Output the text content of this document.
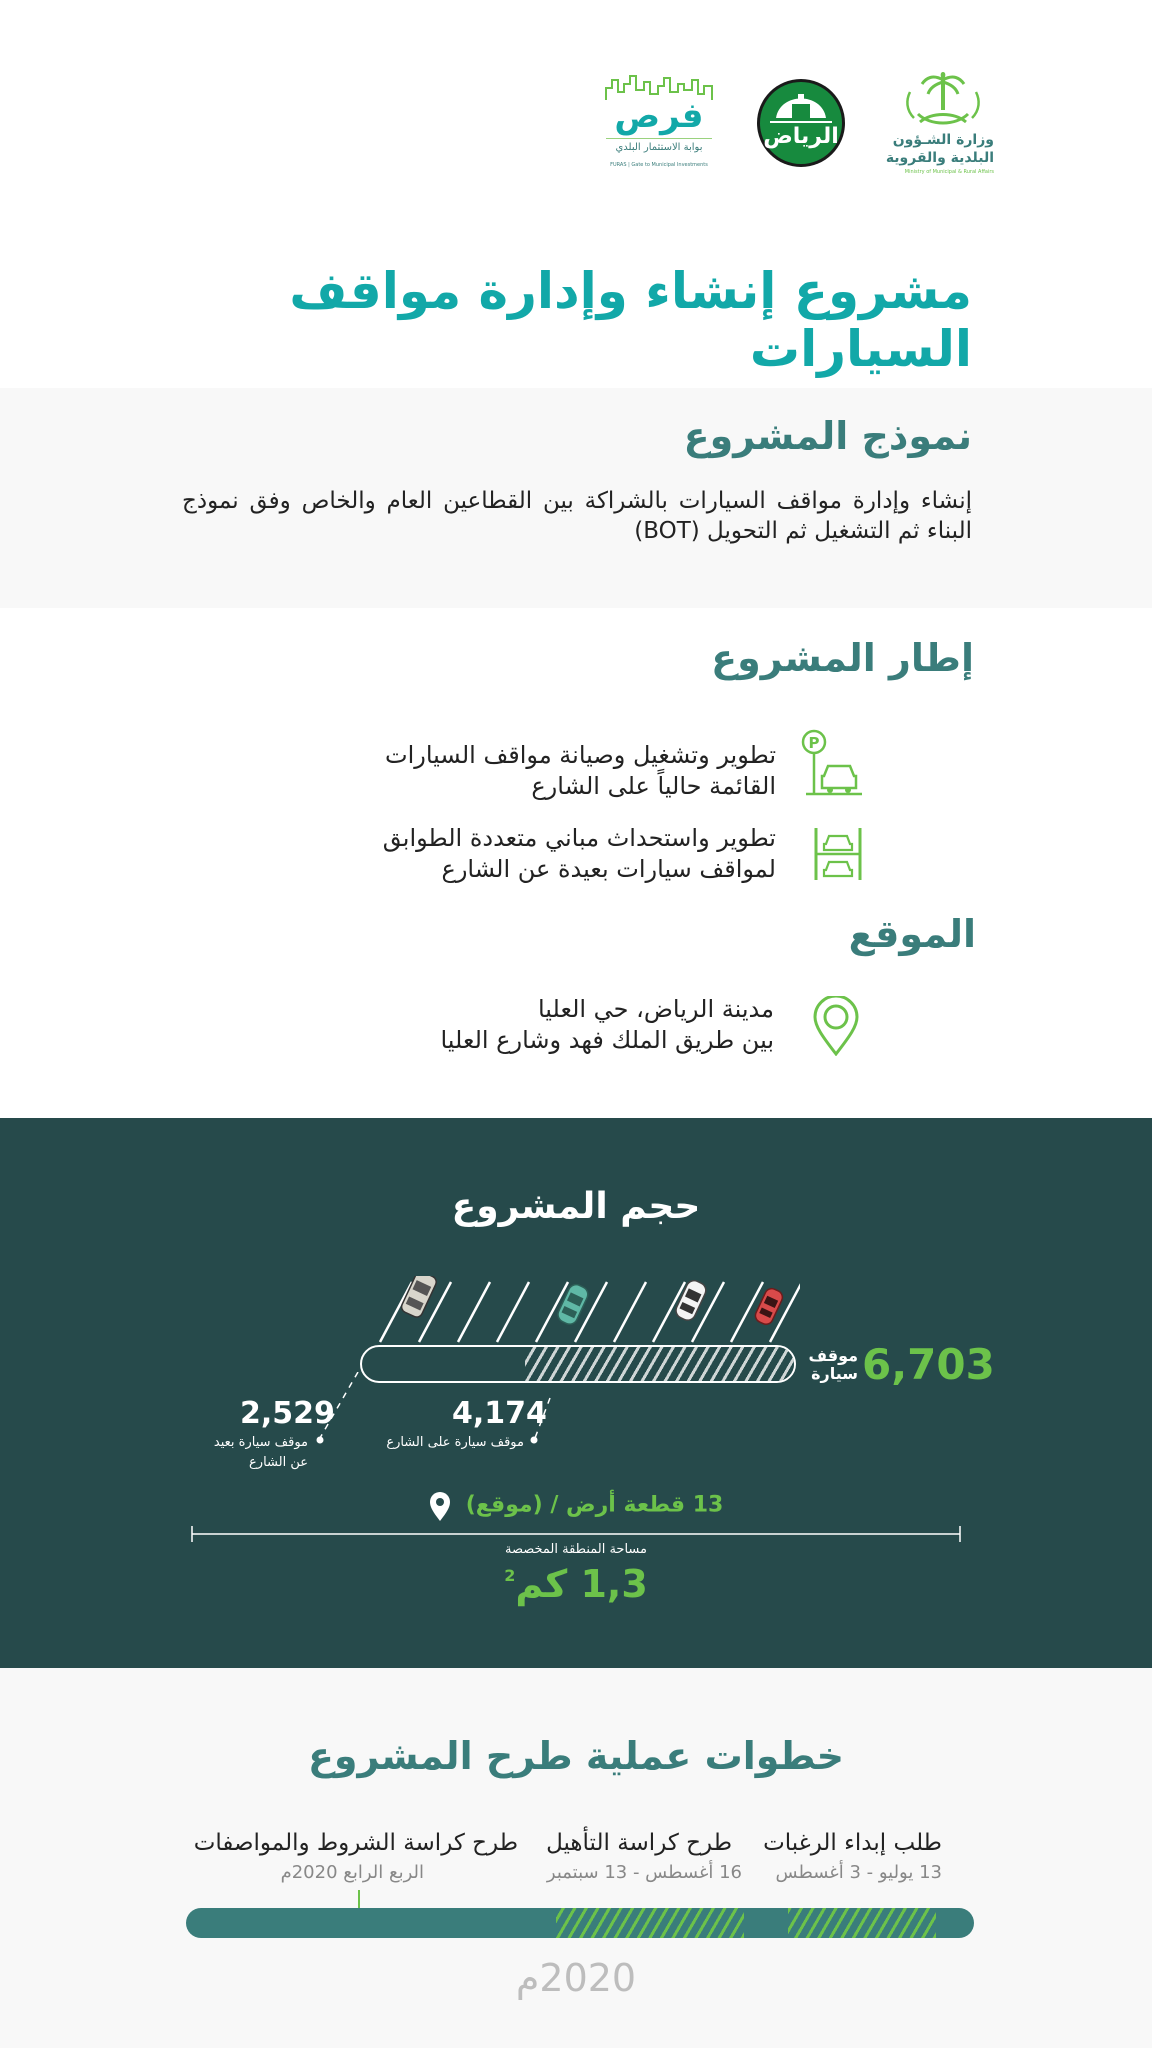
وزارة الشـؤون
البلدية والقروية
Ministry of Municipal & Rural Affairs
الرياض
فرص
بوابة الاستثمار البلدي
FURAS | Gate to Municipal Investments
مشروع إنشاء وإدارة مواقف السيارات
نموذج المشروع

إنشاء وإدارة مواقف السيارات بالشراكة بين القطاعين العام والخاص وفق نموذج البناء ثم التشغيل ثم التحويل (BOT)

إطار المشروع
P
تطوير وتشغيل وصيانة مواقف السيارات
القائمة حالياً على الشارع
تطوير واستحداث مباني متعددة الطوابق
لمواقف سيارات بعيدة عن الشارع
الموقع
مدينة الرياض، حي العليا
بين طريق الملك فهد وشارع العليا
حجم المشروع
6,703
موقف
سيارة
4,174
موقف سيارة على الشارع
2,529
موقف سيارة بعيد
عن الشارع
13 قطعة أرض / (موقع)
مساحة المنطقة المخصصة
1,3 كم$^2$
خطوات عملية طرح المشروع
طلب إبداء الرغبات
13 يوليو - 3 أغسطس
طرح كراسة التأهيل
16 أغسطس - 13 سبتمبر
طرح كراسة الشروط والمواصفات
الربع الرابع 2020م
2020م
